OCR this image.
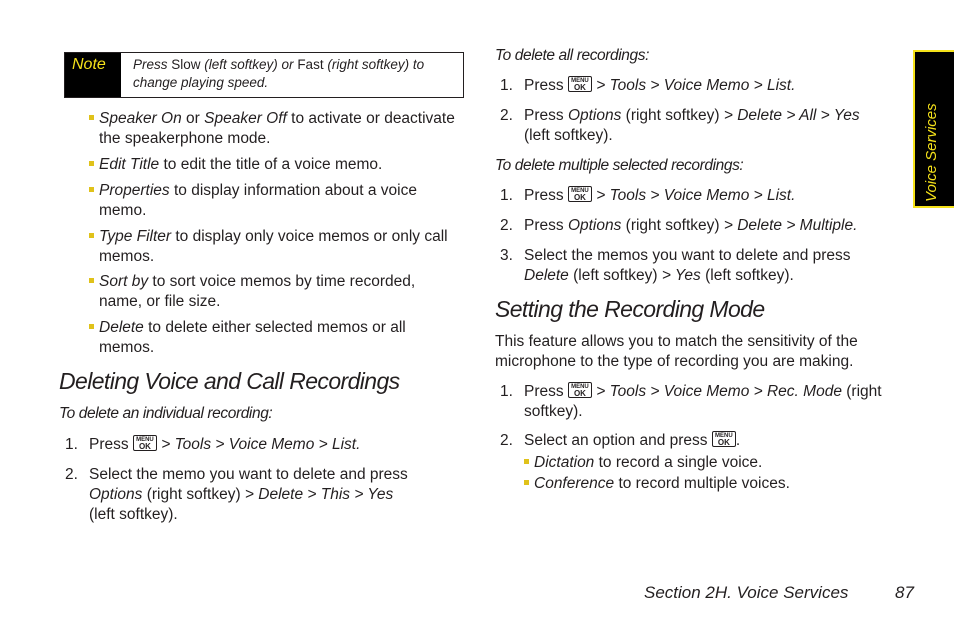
Note	Press Slow (left softkey) or Fast (right softkey) to change playing speed.
Speaker On or Speaker Off to activate or deactivate
the speakerphone mode.
Edit Title to edit the title of a voice memo.
Properties to display information about a voice
memo.
Type Filter to display only voice memos or only call
memos.
Sort by to sort voice memos by time recorded,
name, or file size.
Delete to delete either selected memos or all
memos.
Deleting Voice and Call Recordings
To delete an individual recording:
1. Press MENU
OK > Tools > Voice Memo > List.
2. Select the memo you want to delete and press
Options (right softkey) > Delete > This > Yes
(left softkey).
To delete all recordings:
1. Press MENU
OK > Tools > Voice Memo > List.
2. Press Options (right softkey) > Delete > All > Yes
(left softkey).
To delete multiple selected recordings:
1. Press MENU
OK > Tools > Voice Memo > List.
2. Press Options (right softkey) > Delete > Multiple.
3. Select the memos you want to delete and press
Delete (left softkey) > Yes (left softkey).
Setting the Recording Mode
This feature allows you to match the sensitivity of the
microphone to the type of recording you are making.
1. Press MENU
OK > Tools > Voice Memo > Rec. Mode (right
softkey).
2. Select an option and press MENU
OK .
Dictation to record a single voice.
Conference to record multiple voices.
Voice Services
Section 2H. Voice Services	87
